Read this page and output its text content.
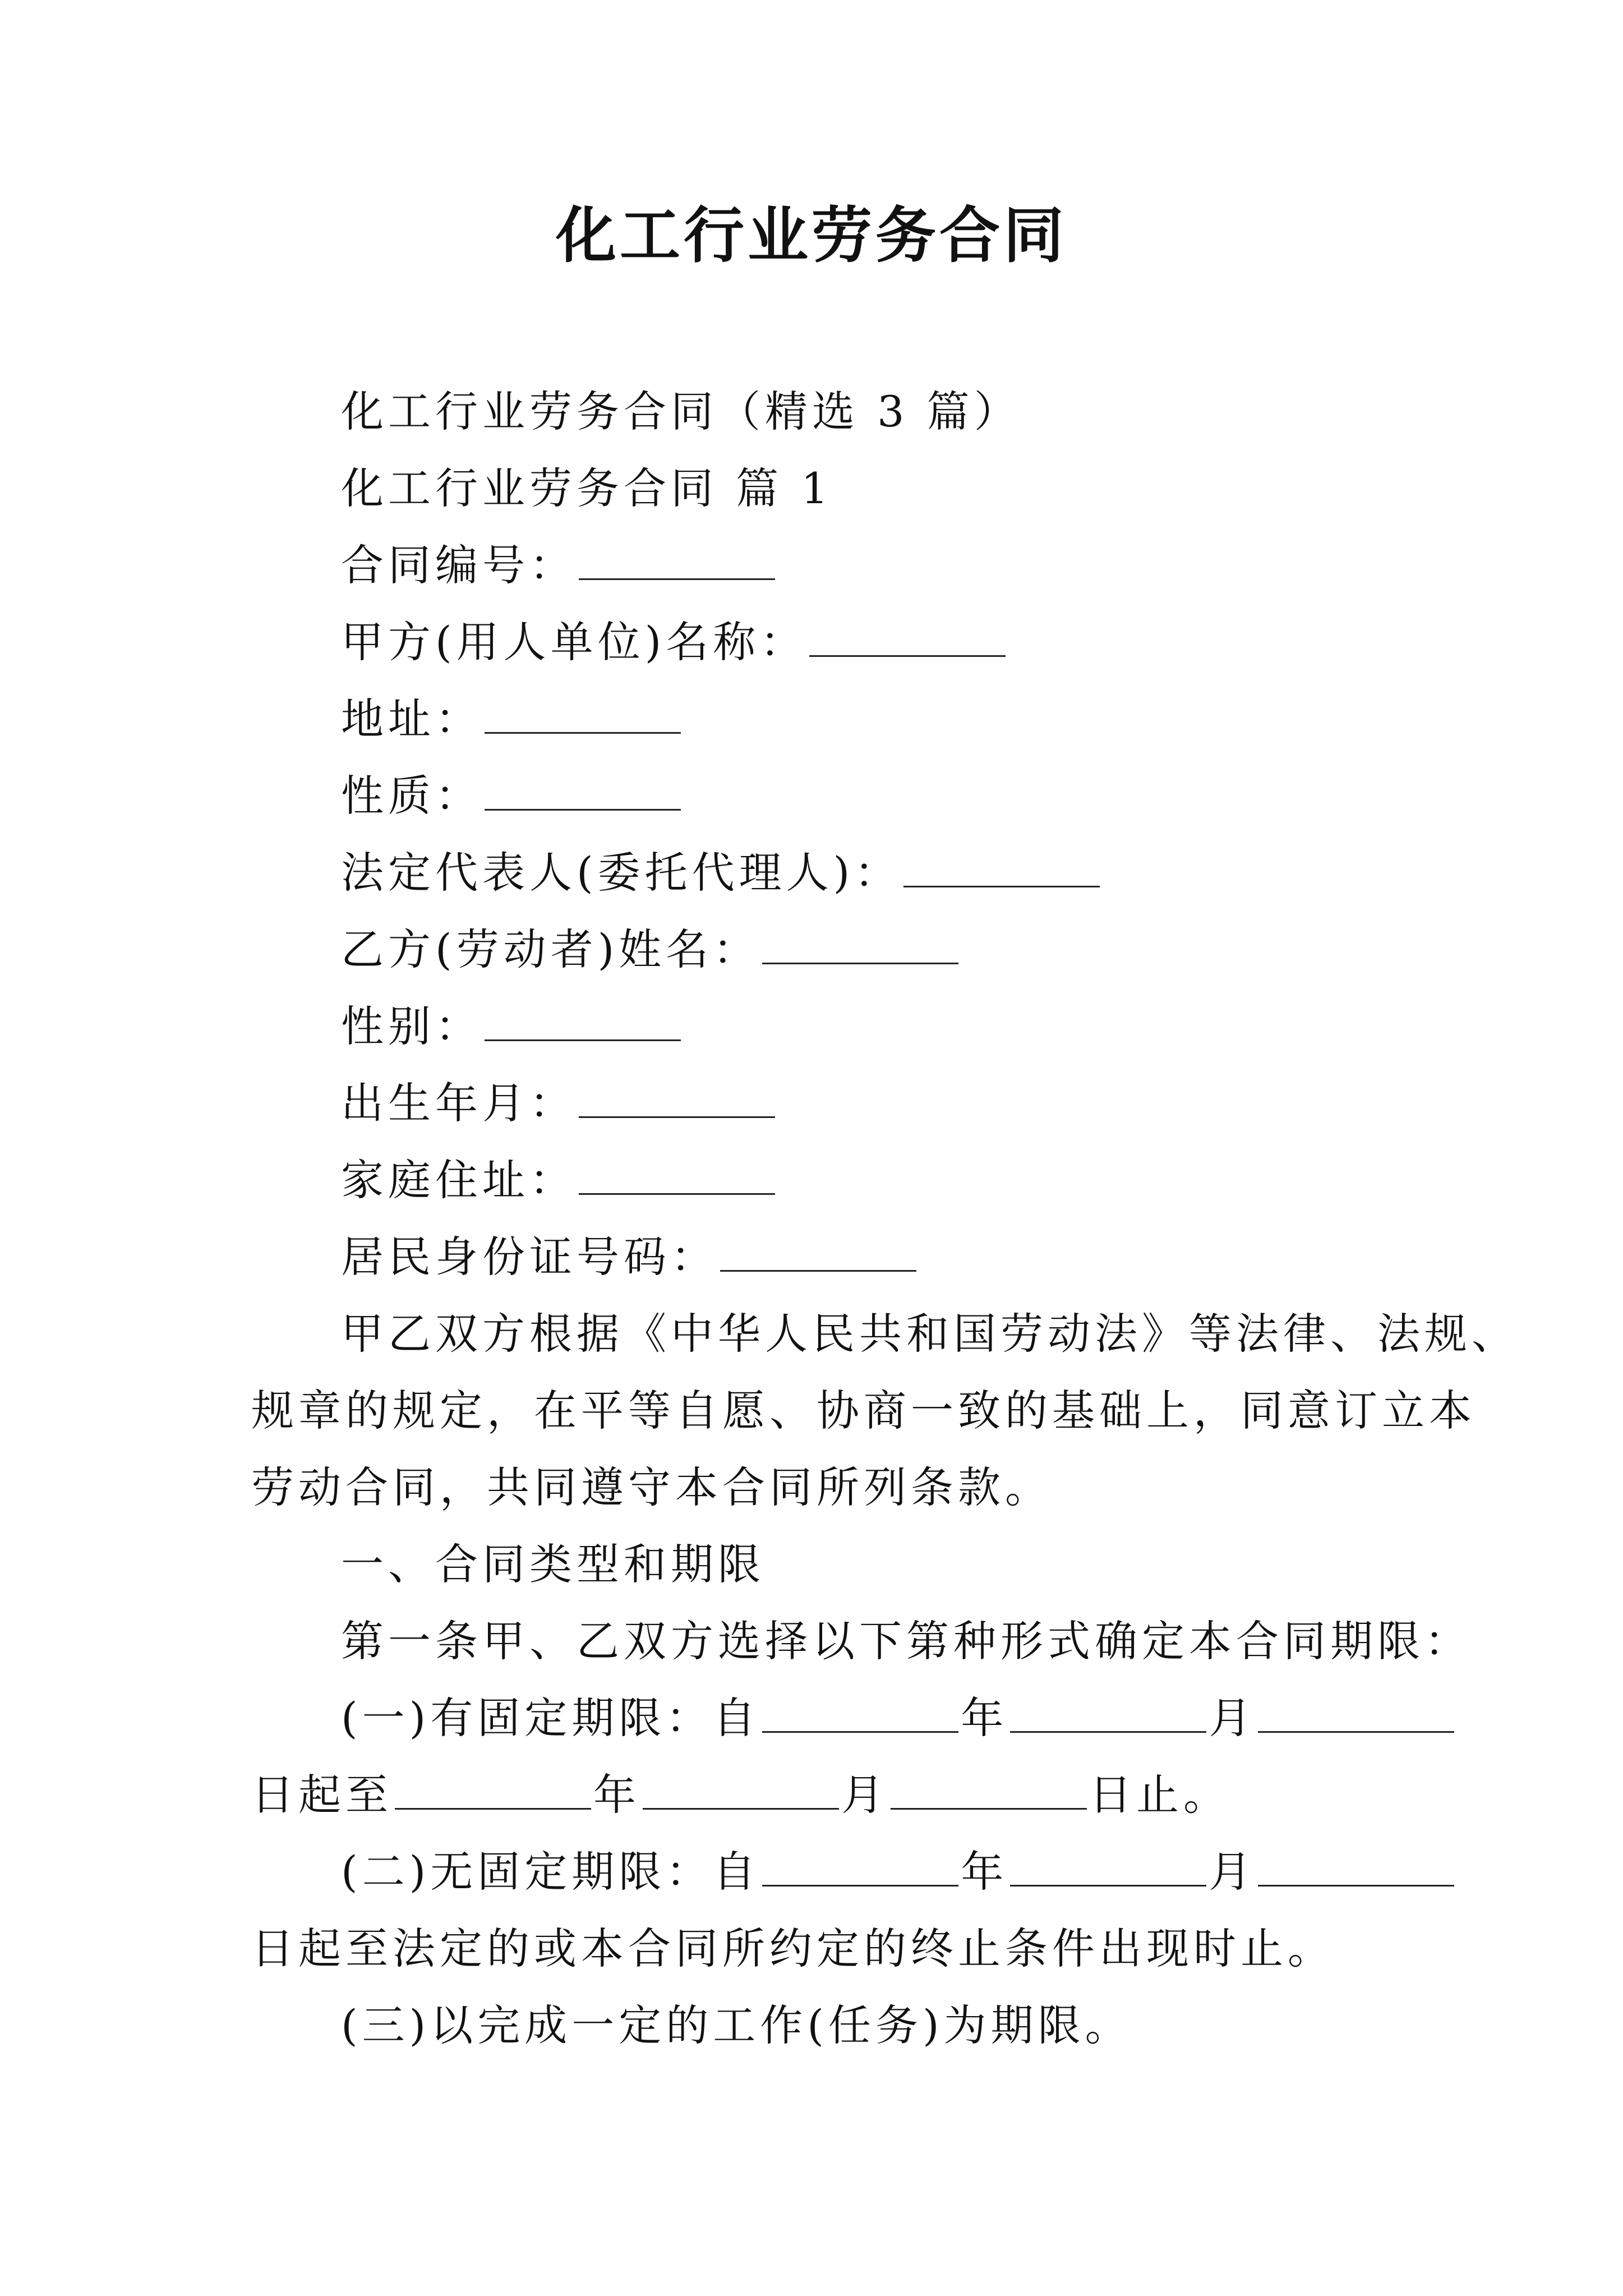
化工行业劳务合同
化工行业劳务合同（精选 3 篇）
化工行业劳务合同 篇 1
合同编号：
甲方(用人单位)名称：
地址：
性质：
法定代表人(委托代理人)：
乙方(劳动者)姓名：
性别：
出生年月：
家庭住址：
居民身份证号码：
甲乙双方根据《中华人民共和国劳动法》等法律、法规、
规章的规定，在平等自愿、协商一致的基础上，同意订立本
劳动合同，共同遵守本合同所列条款。
一、合同类型和期限
第一条甲、乙双方选择以下第种形式确定本合同期限：
(一)有固定期限：自	年	月
日起至	年	月	日止。
(二)无固定期限：自	年	月
日起至法定的或本合同所约定的终止条件出现时止。
(三)以完成一定的工作(任务)为期限。
